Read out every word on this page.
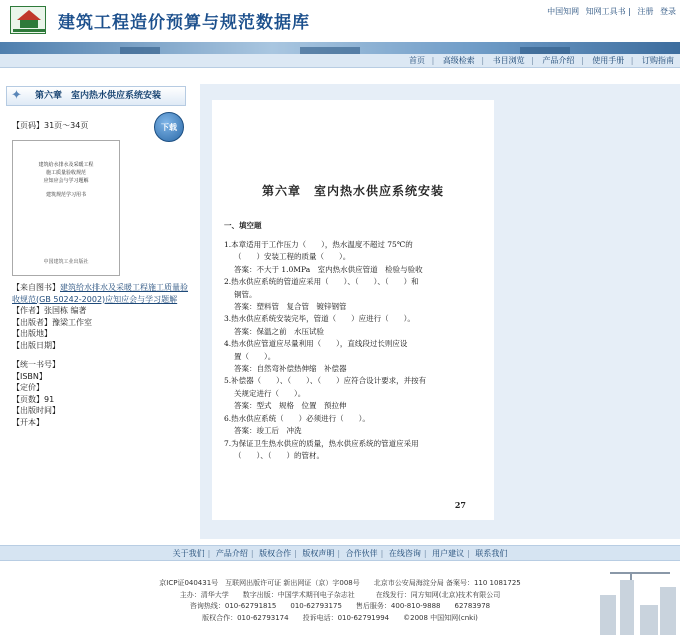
建筑工程造价预算与规范数据库
中国知网 知网工具书 | 注册 登录
首页 | 高级检索 | 书目浏览 | 产品介绍 | 使用手册 | 订购指南
✦	第六章　室内热水供应系统安装
【页码】31页～34页	下载
建筑给水排水及采暖工程
施工质量验收规范
应知应会与学习题解
建筑规范学习用书
中国建筑工业出版社
【来自图书】建筑给水排水及采暖工程施工质量验收规范(GB 50242-2002)应知应会与学习题解
【作者】张国栋 编著
【出版者】豫梁工作室
【出版地】
【出版日期】
【统一书号】
【ISBN】
【定价】
【页数】91
【出版时间】
【开本】
第六章　室内热水供应系统安装
一、填空题
1.本章适用于工作压力（　　），热水温度不超过 75℃的
（　　）安装工程的质量（　　）。
答案：不大于 1.0MPa　室内热水供应管道　检验与验收
2.热水供应系统的管道应采用（　　）、（　　）、（　　）和
铜管。
答案：塑料管　复合管　镀锌钢管
3.热水供应系统安装完毕，管道（　　）应进行（　　）。
答案：保温之前　水压试验
4.热水供应管道应尽量利用（　　），直线段过长则应设
置（　　）。
答案：自然弯补偿热伸缩　补偿器
5.补偿器（　　）、（　　）、（　　）应符合设计要求，并按有
关规定进行（　　）。
答案：型式　规格　位置　预拉伸
6.热水供应系统（　　）必须进行（　　）。
答案：竣工后　冲洗
7.为保证卫生热水供应的质量，热水供应系统的管道应采用
（　　）、（　　）的管材。
27
关于我们 | 产品介绍 | 版权合作 | 版权声明 | 合作伙伴 | 在线咨询 | 用户建议 | 联系我们
京ICP证040431号　互联网出版许可证 新出网证（京）字008号　　北京市公安局海淀分局 备案号：110 1081725
主办：清华大学　　数字出版：中国学术期刊电子杂志社　　　在线发行：同方知网(北京)技术有限公司
咨询热线：010-62791815　　010-62793175　　售后服务：400-810-9888　　62783978
版权合作：010-62793174　　投诉电话：010-62791994　　©2008 中国知网(cnki)
